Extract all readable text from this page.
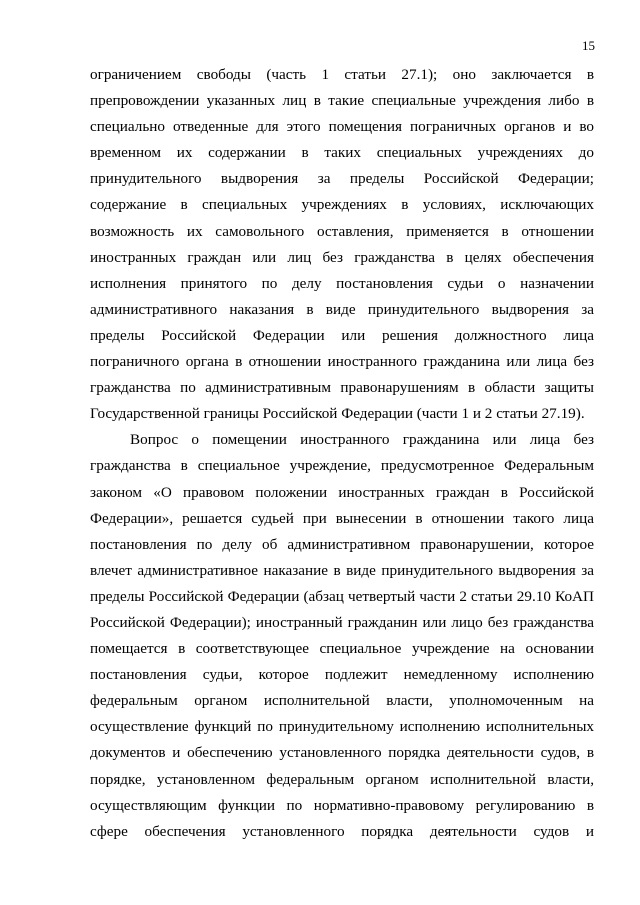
15
ограничением свободы (часть 1 статьи 27.1); оно заключается в
препровождении указанных лиц в такие специальные учреждения либо в
специально отведенные для этого помещения пограничных органов и во
временном их содержании в таких специальных учреждениях до
принудительного выдворения за пределы Российской Федерации;
содержание в специальных учреждениях в условиях, исключающих
возможность их самовольного оставления, применяется в отношении
иностранных граждан или лиц без гражданства в целях обеспечения
исполнения принятого по делу постановления судьи о назначении
административного наказания в виде принудительного выдворения за
пределы Российской Федерации или решения должностного лица
пограничного органа в отношении иностранного гражданина или лица без
гражданства по административным правонарушениям в области защиты
Государственной границы Российской Федерации (части 1 и 2 статьи 27.19).
Вопрос о помещении иностранного гражданина или лица без
гражданства в специальное учреждение, предусмотренное Федеральным
законом «О правовом положении иностранных граждан в Российской
Федерации», решается судьей при вынесении в отношении такого лица
постановления по делу об административном правонарушении, которое
влечет административное наказание в виде принудительного выдворения за
пределы Российской Федерации (абзац четвертый части 2 статьи 29.10 КоАП
Российской Федерации); иностранный гражданин или лицо без гражданства
помещается в соответствующее специальное учреждение на основании
постановления судьи, которое подлежит немедленному исполнению
федеральным органом исполнительной власти, уполномоченным на
осуществление функций по принудительному исполнению исполнительных
документов и обеспечению установленного порядка деятельности судов, в
порядке, установленном федеральным органом исполнительной власти,
осуществляющим функции по нормативно-правовому регулированию в
сфере обеспечения установленного порядка деятельности судов и
